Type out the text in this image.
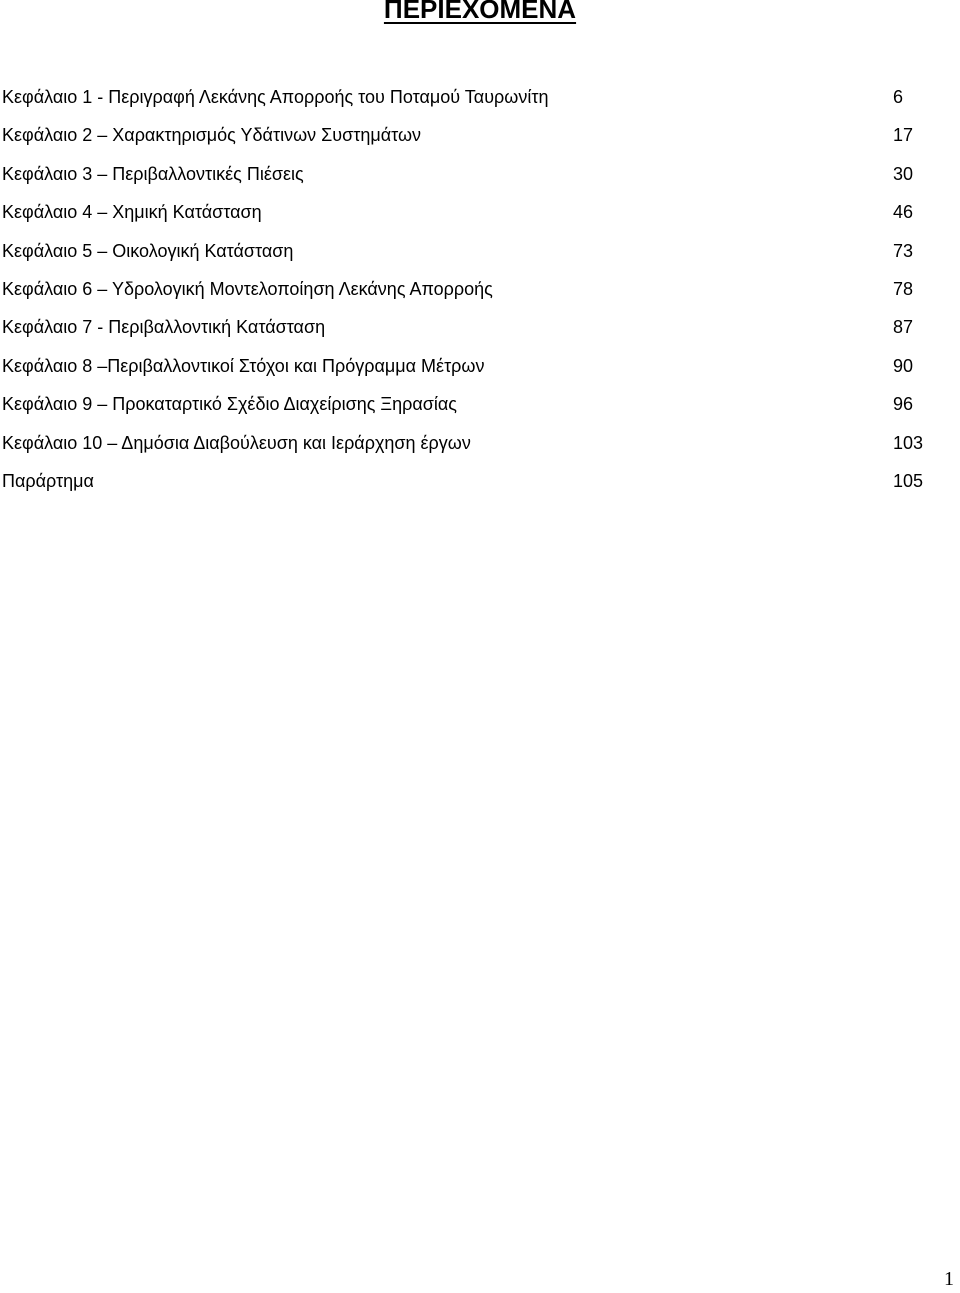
ΠΕΡΙΕΧΟΜΕΝΑ
Κεφάλαιο 1 - Περιγραφή Λεκάνης Απορροής του Ποταμού Ταυρωνίτη	6
Κεφάλαιο 2 – Χαρακτηρισμός Υδάτινων Συστημάτων	17
Κεφάλαιο 3 – Περιβαλλοντικές Πιέσεις	30
Κεφάλαιο 4 – Χημική Κατάσταση	46
Κεφάλαιο 5 – Οικολογική Κατάσταση	73
Κεφάλαιο 6 – Υδρολογική Μοντελοποίηση Λεκάνης Απορροής	78
Κεφάλαιο 7 - Περιβαλλοντική Κατάσταση	87
Κεφάλαιο 8 –Περιβαλλοντικοί Στόχοι και Πρόγραμμα Μέτρων	90
Κεφάλαιο 9 – Προκαταρτικό Σχέδιο Διαχείρισης Ξηρασίας	96
Κεφάλαιο 10 – Δημόσια Διαβούλευση και Ιεράρχηση έργων	103
Παράρτημα	105
1
